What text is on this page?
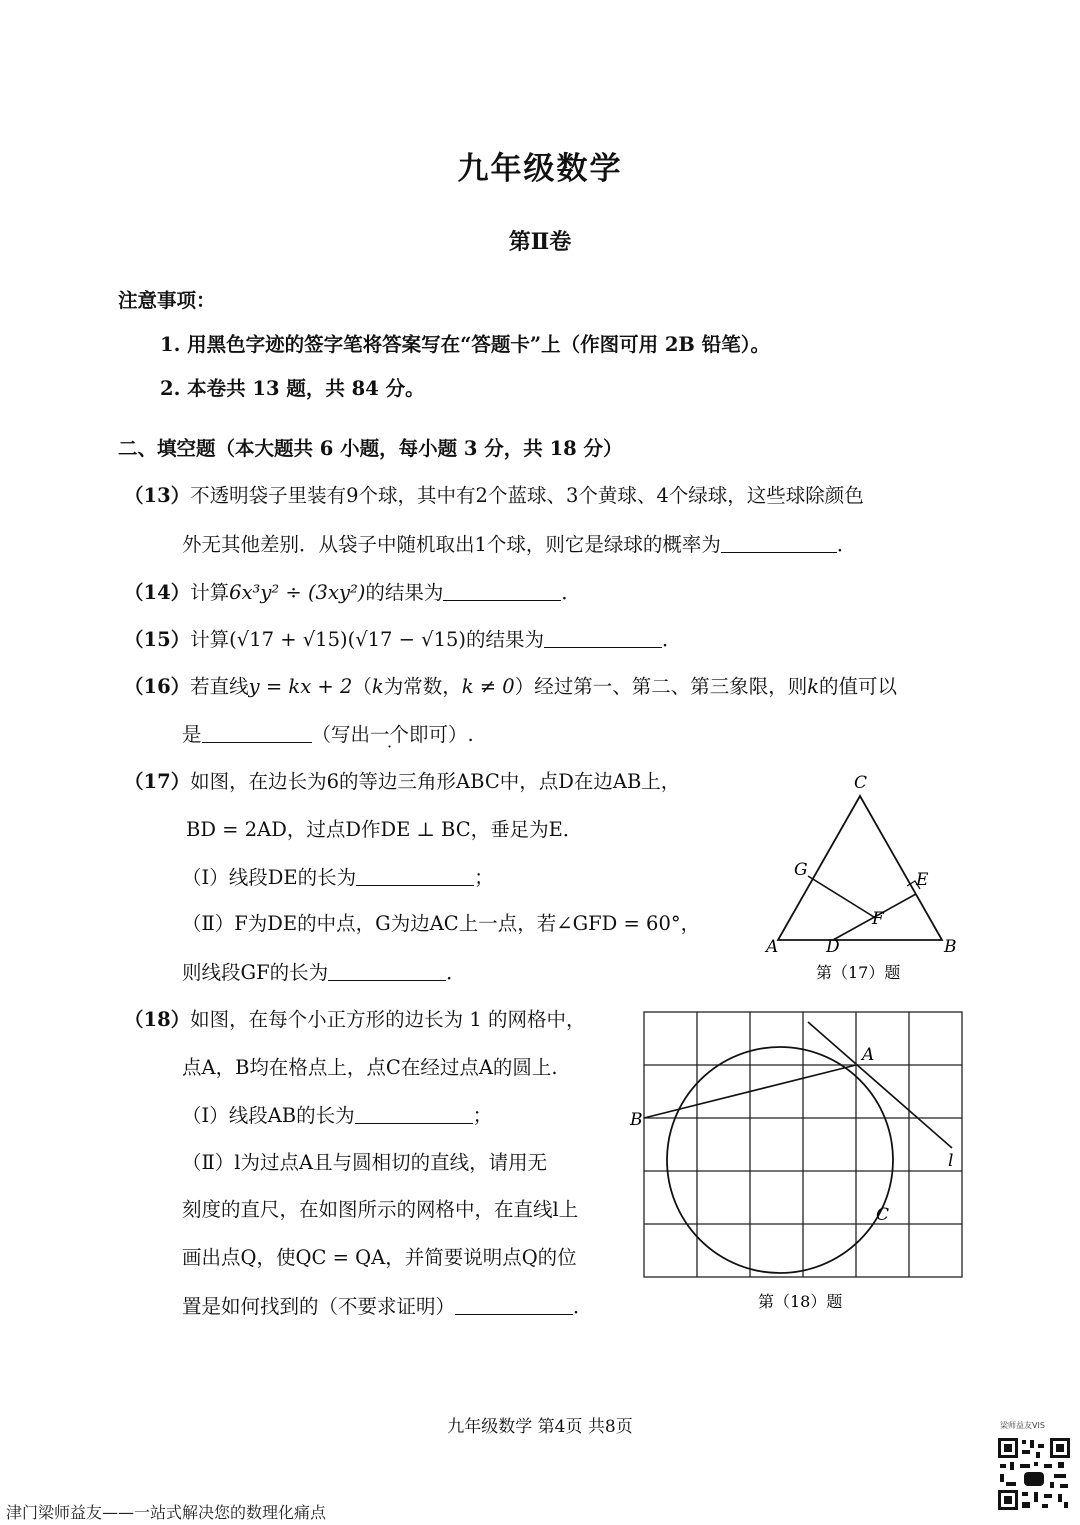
九年级数学
第Ⅱ卷
注意事项：
1. 用黑色字迹的签字笔将答案写在“答题卡”上（作图可用 2B 铅笔）。
2. 本卷共 13 题，共 84 分。
二、填空题（本大题共 6 小题，每小题 3 分，共 18 分）
（13）不透明袋子里装有9个球，其中有2个蓝球、3个黄球、4个绿球，这些球除颜色
外无其他差别．从袋子中随机取出1个球，则它是绿球的概率为	．
（14）计算6x³y² ÷ (3xy²)的结果为	．
（15）计算(√17 + √15)(√17 − √15)的结果为	．
（16）若直线y = kx + 2（k为常数，k ≠ 0）经过第一、第二、第三象限，则k的值可以
是	（写出一个即可）.
（17）如图，在边长为6的等边三角形ABC中，点D在边AB上，
BD = 2AD，过点D作DE ⊥ BC，垂足为E．
（Ⅰ）线段DE的长为	；
（Ⅱ）F为DE的中点，G为边AC上一点，若∠GFD = 60°，
则线段GF的长为	．
A	B
C
D
E
F
G
第（17）题
（18）如图，在每个小正方形的边长为 1 的网格中，
点A，B均在格点上，点C在经过点A的圆上.
（Ⅰ）线段AB的长为	；
（Ⅱ）l为过点A且与圆相切的直线，请用无
刻度的直尺，在如图所示的网格中，在直线l上
画出点Q，使QC = QA，并简要说明点Q的位
置是如何找到的（不要求证明）	．
A
B
C
l
第（18）题
九年级数学 第4页 共8页	梁师益友VIS
津门梁师益友——一站式解决您的数理化痛点
